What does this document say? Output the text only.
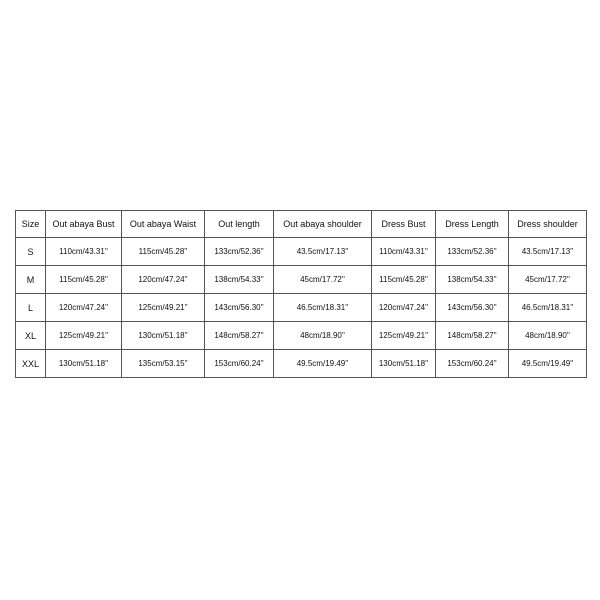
Size	Out abaya Bust	Out abaya Waist	Out length	Out abaya shoulder	Dress Bust	Dress Length	Dress shoulder
S	110cm/43.31''	115cm/45.28''	133cm/52.36''	43.5cm/17.13''	110cm/43.31''	133cm/52.36''	43.5cm/17.13''
M	115cm/45.28''	120cm/47.24''	138cm/54.33''	45cm/17.72''	115cm/45.28''	138cm/54.33''	45cm/17.72''
L	120cm/47.24''	125cm/49.21''	143cm/56.30''	46.5cm/18.31''	120cm/47.24''	143cm/56.30''	46.5cm/18.31''
XL	125cm/49.21''	130cm/51.18''	148cm/58.27''	48cm/18.90''	125cm/49.21''	148cm/58.27''	48cm/18.90''
XXL	130cm/51.18''	135cm/53.15''	153cm/60.24''	49.5cm/19.49''	130cm/51.18''	153cm/60.24''	49.5cm/19.49''
